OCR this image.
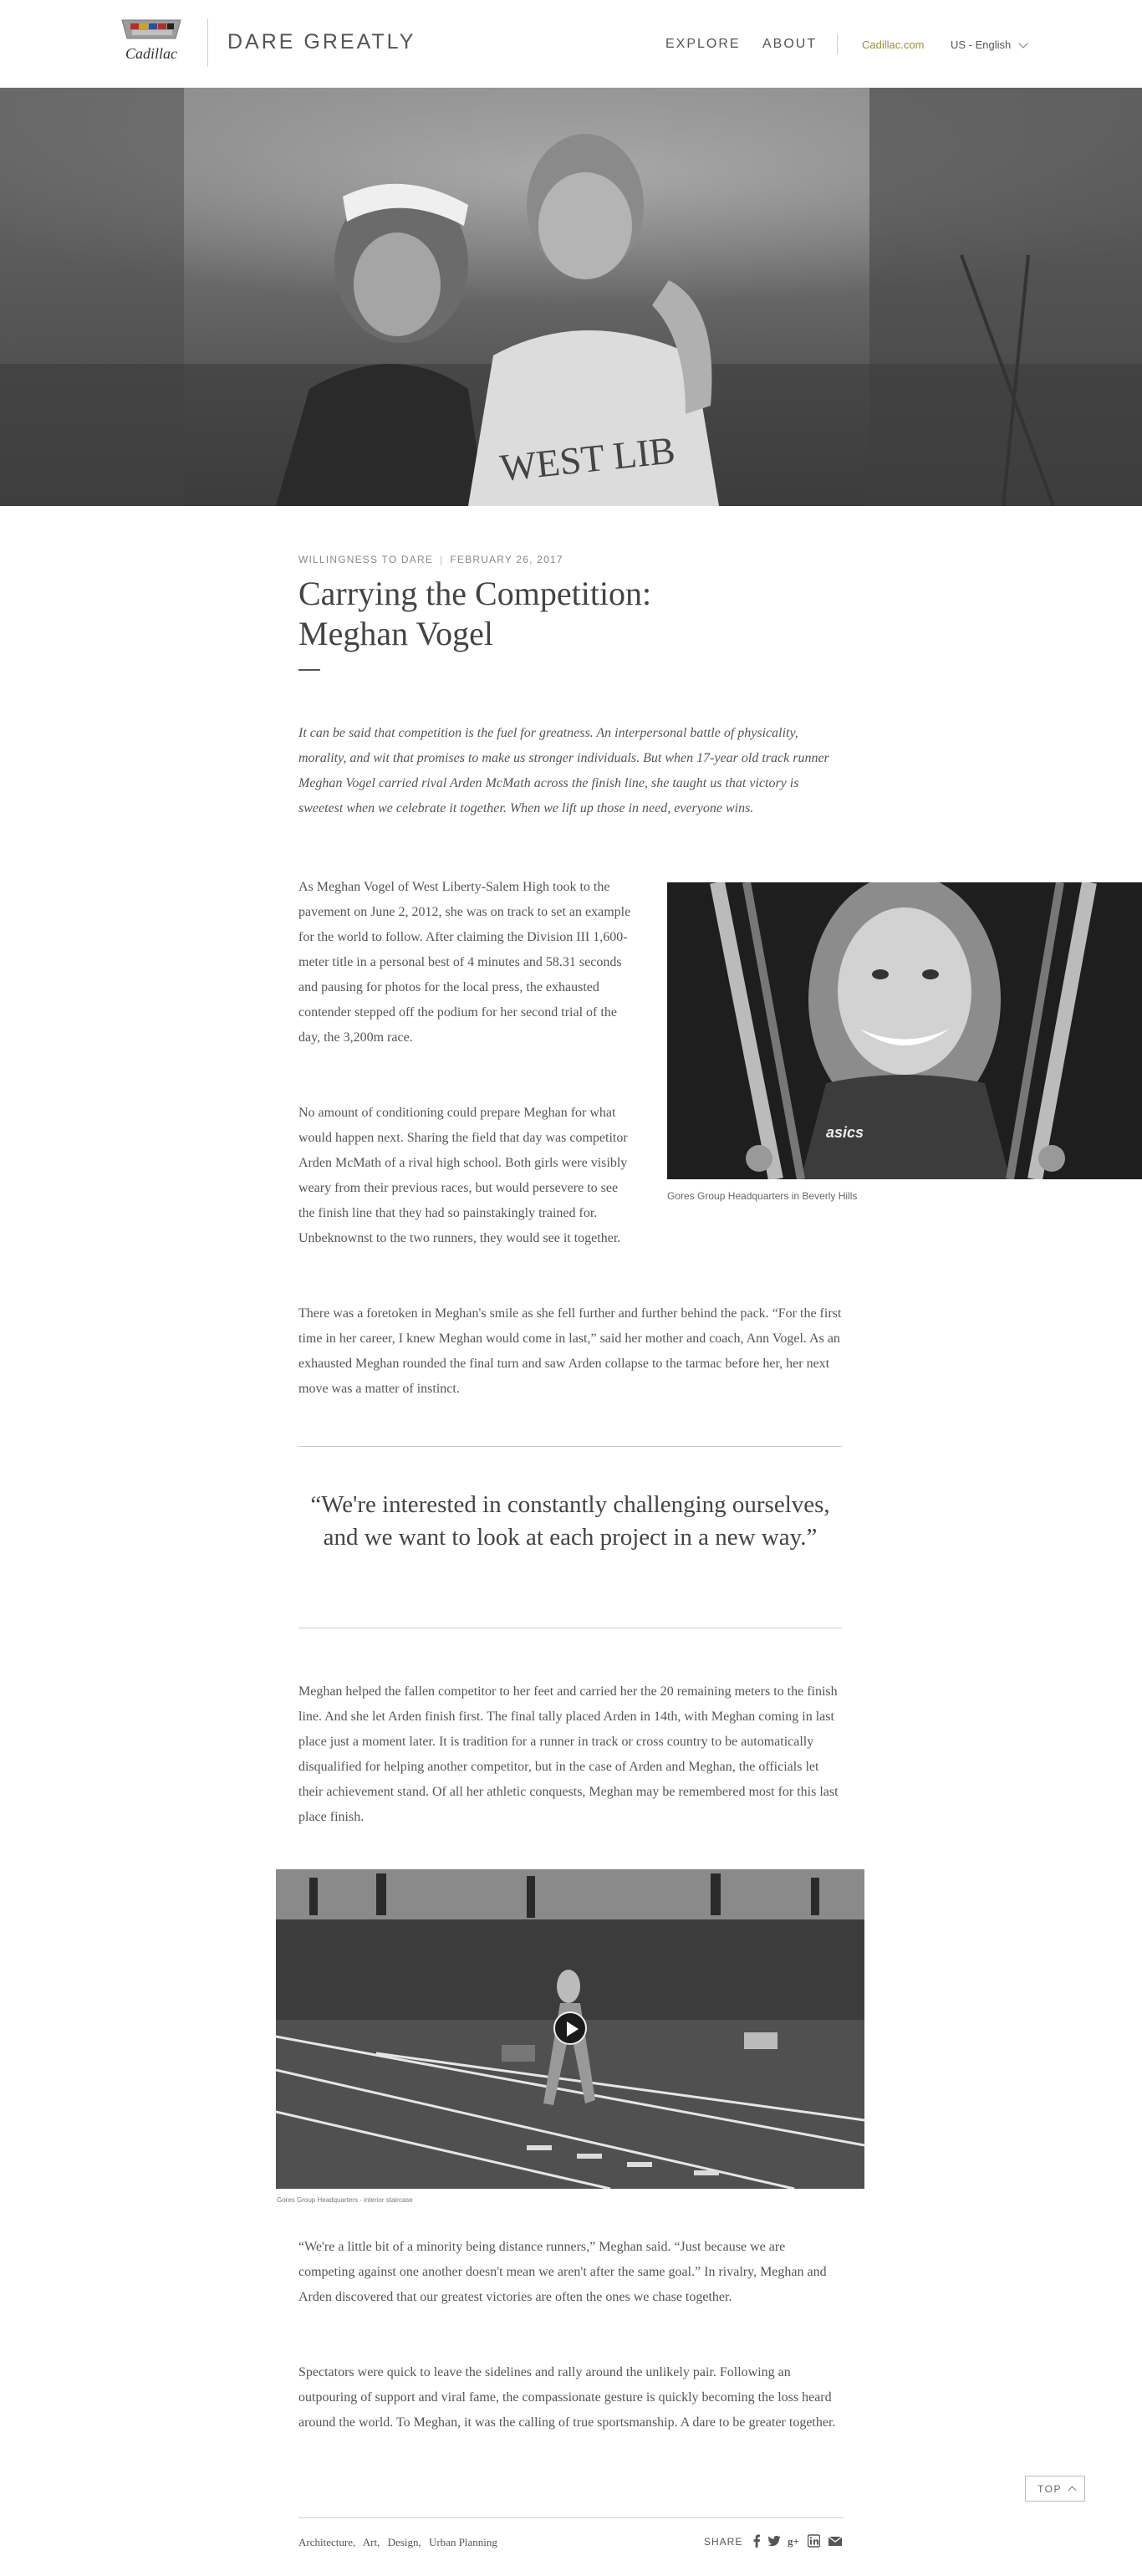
Cadillac DARE GREATLY	EXPLORE ABOUT	Cadillac.com US - English
WEST LIB
WILLINGNESS TO DARE | FEBRUARY 26, 2017
Carrying the Competition: Meghan Vogel

It can be said that competition is the fuel for greatness. An interpersonal battle of physicality, morality, and wit that promises to make us stronger individuals. But when 17-year old track runner Meghan Vogel carried rival Arden McMath across the finish line, she taught us that victory is sweetest when we celebrate it together. When we lift up those in need, everyone wins.

As Meghan Vogel of West Liberty-Salem High took to the pavement on June 2, 2012, she was on track to set an example for the world to follow. After claiming the Division III 1,600-meter title in a personal best of 4 minutes and 58.31 seconds and pausing for photos for the local press, the exhausted contender stepped off the podium for her second trial of the day, the 3,200m race.

No amount of conditioning could prepare Meghan for what would happen next. Sharing the field that day was competitor Arden McMath of a rival high school. Both girls were visibly weary from their previous races, but would persevere to see the finish line that they had so painstakingly trained for. Unbeknownst to the two runners, they would see it together.

asics
Gores Group Headquarters in Beverly Hills

There was a foretoken in Meghan's smile as she fell further and further behind the pack. “For the first time in her career, I knew Meghan would come in last,” said her mother and coach, Ann Vogel. As an exhausted Meghan rounded the final turn and saw Arden collapse to the tarmac before her, her next move was a matter of instinct.

“We're interested in constantly challenging ourselves, and we want to look at each project in a new way.”

Meghan helped the fallen competitor to her feet and carried her the 20 remaining meters to the finish line. And she let Arden finish first. The final tally placed Arden in 14th, with Meghan coming in last place just a moment later. It is tradition for a runner in track or cross country to be automatically disqualified for helping another competitor, but in the case of Arden and Meghan, the officials let their achievement stand. Of all her athletic conquests, Meghan may be remembered most for this last place finish.

Gores Group Headquarters - interior staircase

“We're a little bit of a minority being distance runners,” Meghan said. “Just because we are competing against one another doesn't mean we aren't after the same goal.” In rivalry, Meghan and Arden discovered that our greatest victories are often the ones we chase together.

Spectators were quick to leave the sidelines and rally around the unlikely pair. Following an outpouring of support and viral fame, the compassionate gesture is quickly becoming the loss heard around the world. To Meghan, it was the calling of true sportsmanship. A dare to be greater together.

TOP
Architecture, Art, Design, Urban Planning	SHARE	g+
